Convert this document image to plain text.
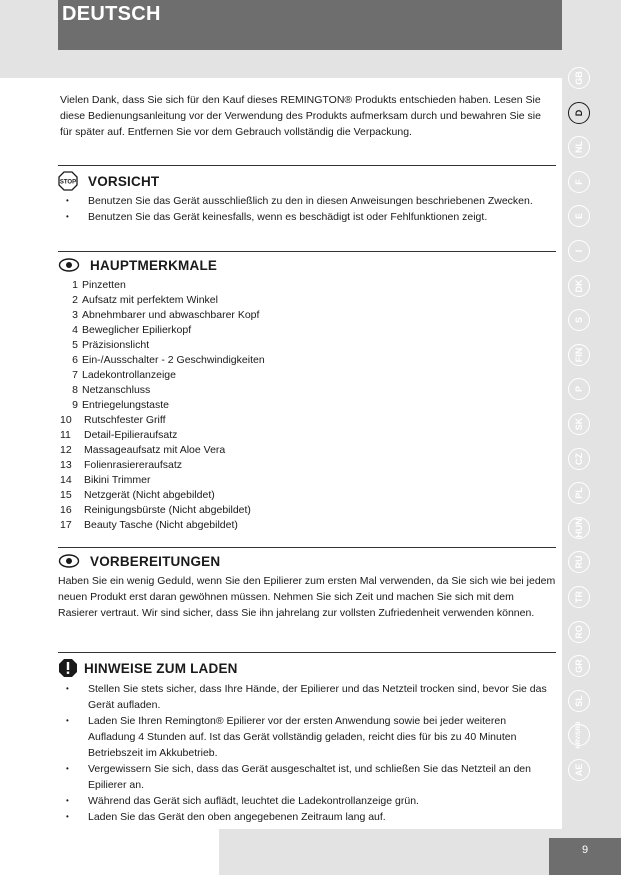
DEUTSCH
GB
D
NL
F
E
I
DK
S
FIN
P
SK
CZ
PL
HUN
RU
TR
RO
GR
SL
HRV/SRB
AE

Vielen Dank, dass Sie sich für den Kauf dieses REMINGTON® Produkts entschieden haben. Lesen Sie diese Bedienungsanleitung vor der Verwendung des Produkts aufmerksam durch und bewahren Sie sie für später auf. Entfernen Sie vor dem Gebrauch vollständig die Verpackung.

STOP VORSICHT
• Benutzen Sie das Gerät ausschließlich zu den in diesen Anweisungen beschriebenen Zwecken.
• Benutzen Sie das Gerät keinesfalls, wenn es beschädigt ist oder Fehlfunktionen zeigt.
HAUPTMERKMALE
1 Pinzetten
2 Aufsatz mit perfektem Winkel
3 Abnehmbarer und abwaschbarer Kopf
4 Beweglicher Epilierkopf
5 Präzisionslicht
6 Ein-/Ausschalter - 2 Geschwindigkeiten
7 Ladekontrollanzeige
8 Netzanschluss
9 Entriegelungstaste
10	Rutschfester Griff
11	Detail-Epilieraufsatz
12	Massageaufsatz mit Aloe Vera
13	Folienrasiereraufsatz
14	Bikini Trimmer
15	Netzgerät (Nicht abgebildet)
16	Reinigungsbürste (Nicht abgebildet)
17	Beauty Tasche (Nicht abgebildet)
VORBEREITUNGEN

Haben Sie ein wenig Geduld, wenn Sie den Epilierer zum ersten Mal verwenden, da Sie sich wie bei jedem neuen Produkt erst daran gewöhnen müssen. Nehmen Sie sich Zeit und machen Sie sich mit dem Rasierer vertraut. Wir sind sicher, dass Sie ihn jahrelang zur vollsten Zufriedenheit verwenden können.

HINWEISE ZUM LADEN
• Stellen Sie stets sicher, dass Ihre Hände, der Epilierer und das Netzteil trocken sind, bevor Sie das Gerät aufladen.
• Laden Sie Ihren Remington® Epilierer vor der ersten Anwendung sowie bei jeder weiteren Aufladung 4 Stunden auf. Ist das Gerät vollständig geladen, reicht dies für bis zu 40 Minuten Betriebszeit im Akkubetrieb.
• Vergewissern Sie sich, dass das Gerät ausgeschaltet ist, und schließen Sie das Netzteil an den Epilierer an.
• Während das Gerät sich auflädt, leuchtet die Ladekontrollanzeige grün.
• Laden Sie das Gerät den oben angegebenen Zeitraum lang auf.
9
